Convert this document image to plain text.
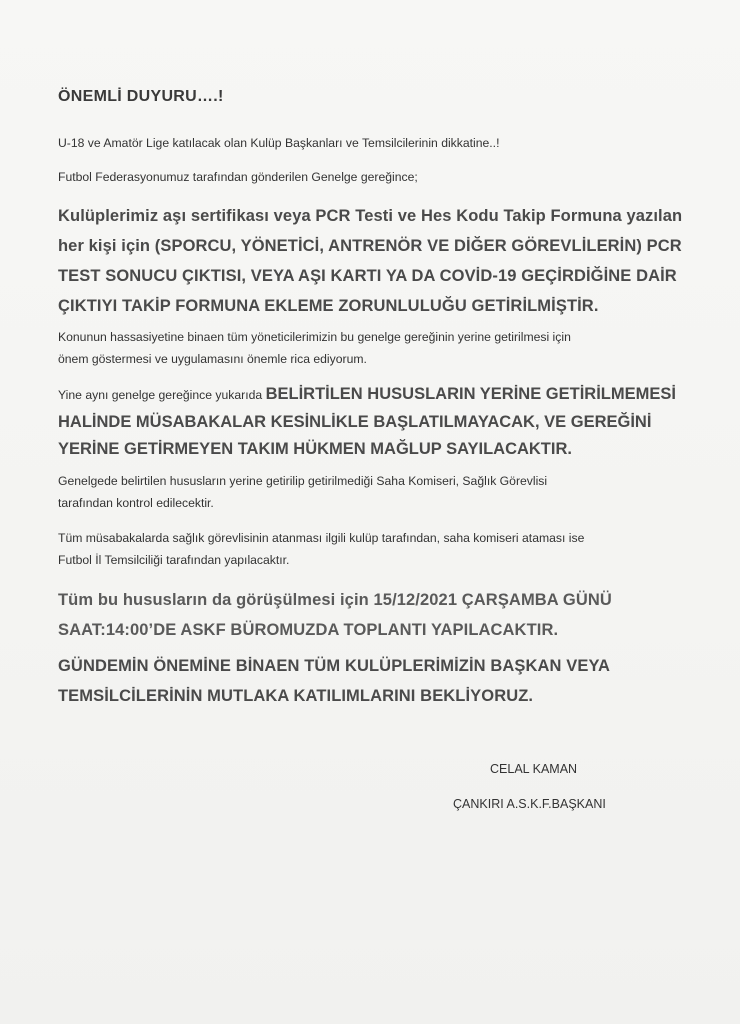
ÖNEMLİ DUYURU….!
U-18 ve Amatör Lige katılacak olan Kulüp Başkanları ve Temsilcilerinin dikkatine..!
Futbol Federasyonumuz tarafından gönderilen Genelge gereğince;
Kulüplerimiz aşı sertifikası veya PCR Testi ve Hes Kodu Takip Formuna yazılan
her kişi için (SPORCU, YÖNETİCİ, ANTRENÖR VE DİĞER GÖREVLİLERİN) PCR
TEST SONUCU ÇIKTISI, VEYA AŞI KARTI YA DA COVİD-19 GEÇİRDİĞİNE DAİR
ÇIKTIYI TAKİP FORMUNA EKLEME ZORUNLULUĞU GETİRİLMİŞTİR.
Konunun hassasiyetine binaen tüm yöneticilerimizin bu genelge gereğinin yerine getirilmesi için
önem göstermesi ve uygulamasını önemle rica ediyorum.
Yine aynı genelge gereğince yukarıda BELİRTİLEN HUSUSLARIN YERİNE GETİRİLMEMESİ
HALİNDE MÜSABAKALAR KESİNLİKLE BAŞLATILMAYACAK, VE GEREĞİNİ
YERİNE GETİRMEYEN TAKIM HÜKMEN MAĞLUP SAYILACAKTIR.
Genelgede belirtilen hususların yerine getirilip getirilmediği Saha Komiseri, Sağlık Görevlisi
tarafından kontrol edilecektir.
Tüm müsabakalarda sağlık görevlisinin atanması ilgili kulüp tarafından, saha komiseri ataması ise
Futbol İl Temsilciliği tarafından yapılacaktır.
Tüm bu hususların da görüşülmesi için 15/12/2021 ÇARŞAMBA GÜNÜ
SAAT:14:00’DE ASKF BÜROMUZDA TOPLANTI YAPILACAKTIR.
GÜNDEMİN ÖNEMİNE BİNAEN TÜM KULÜPLERİMİZİN BAŞKAN VEYA
TEMSİLCİLERİNİN MUTLAKA KATILIMLARINI BEKLİYORUZ.
CELAL KAMAN
ÇANKIRI A.S.K.F.BAŞKANI
